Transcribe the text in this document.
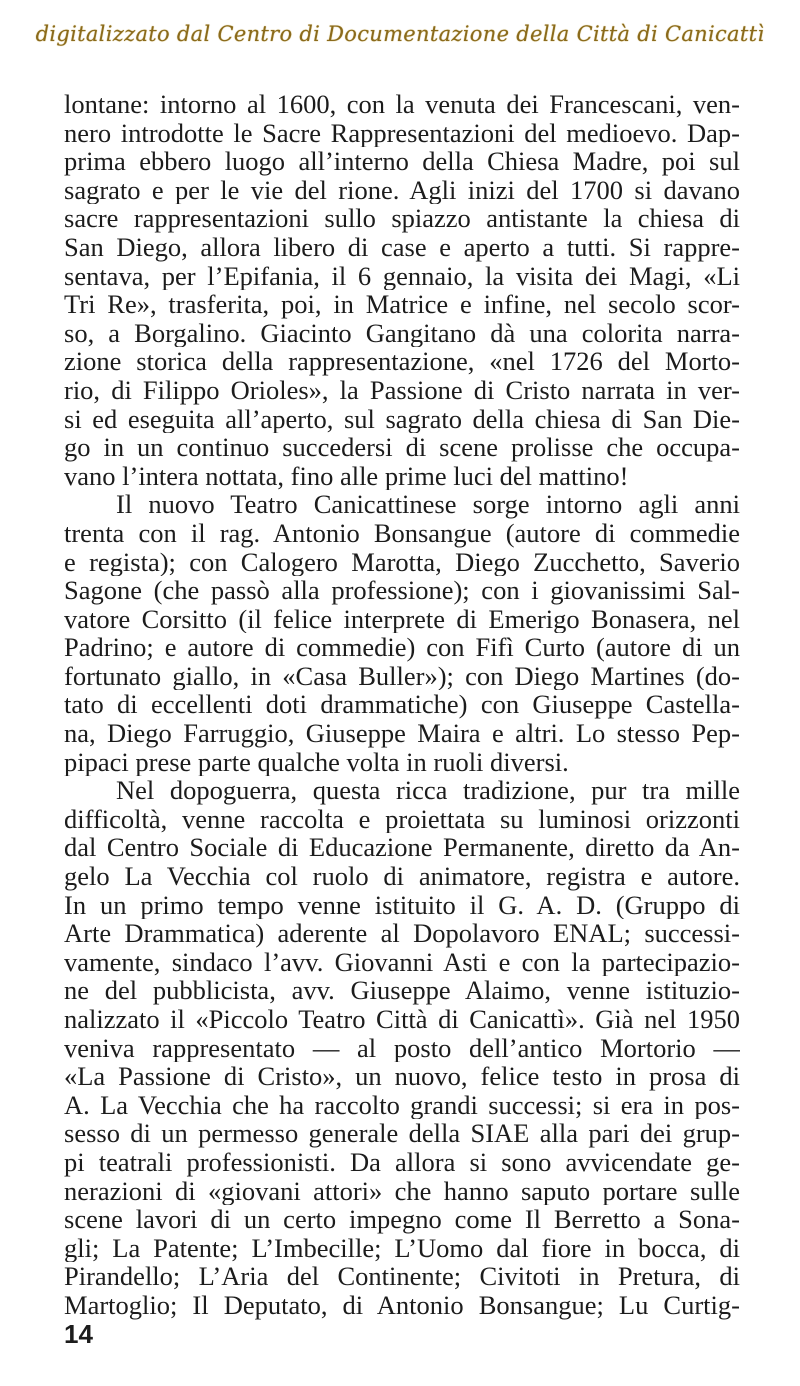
digitalizzato dal Centro di Documentazione della Città di Canicattì
lontane: intorno al 1600, con la venuta dei Francescani, ven-
nero introdotte le Sacre Rappresentazioni del medioevo. Dap-
prima ebbero luogo all’interno della Chiesa Madre, poi sul
sagrato e per le vie del rione. Agli inizi del 1700 si davano
sacre rappresentazioni sullo spiazzo antistante la chiesa di
San Diego, allora libero di case e aperto a tutti. Si rappre-
sentava, per l’Epifania, il 6 gennaio, la visita dei Magi, «Li
Tri Re», trasferita, poi, in Matrice e infine, nel secolo scor-
so, a Borgalino. Giacinto Gangitano dà una colorita narra-
zione storica della rappresentazione, «nel 1726 del Morto-
rio, di Filippo Orioles», la Passione di Cristo narrata in ver-
si ed eseguita all’aperto, sul sagrato della chiesa di San Die-
go in un continuo succedersi di scene prolisse che occupa-
vano l’intera nottata, fino alle prime luci del mattino!
Il nuovo Teatro Canicattinese sorge intorno agli anni
trenta con il rag. Antonio Bonsangue (autore di commedie
e regista); con Calogero Marotta, Diego Zucchetto, Saverio
Sagone (che passò alla professione); con i giovanissimi Sal-
vatore Corsitto (il felice interprete di Emerigo Bonasera, nel
Padrino; e autore di commedie) con Fifì Curto (autore di un
fortunato giallo, in «Casa Buller»); con Diego Martines (do-
tato di eccellenti doti drammatiche) con Giuseppe Castella-
na, Diego Farruggio, Giuseppe Maira e altri. Lo stesso Pep-
pipaci prese parte qualche volta in ruoli diversi.
Nel dopoguerra, questa ricca tradizione, pur tra mille
difficoltà, venne raccolta e proiettata su luminosi orizzonti
dal Centro Sociale di Educazione Permanente, diretto da An-
gelo La Vecchia col ruolo di animatore, registra e autore.
In un primo tempo venne istituito il G. A. D. (Gruppo di
Arte Drammatica) aderente al Dopolavoro ENAL; successi-
vamente, sindaco l’avv. Giovanni Asti e con la partecipazio-
ne del pubblicista, avv. Giuseppe Alaimo, venne istituzio-
nalizzato il «Piccolo Teatro Città di Canicattì». Già nel 1950
veniva rappresentato — al posto dell’antico Mortorio —
«La Passione di Cristo», un nuovo, felice testo in prosa di
A. La Vecchia che ha raccolto grandi successi; si era in pos-
sesso di un permesso generale della SIAE alla pari dei grup-
pi teatrali professionisti. Da allora si sono avvicendate ge-
nerazioni di «giovani attori» che hanno saputo portare sulle
scene lavori di un certo impegno come Il Berretto a Sona-
gli; La Patente; L’Imbecille; L’Uomo dal fiore in bocca, di
Pirandello; L’Aria del Continente; Civitoti in Pretura, di
Martoglio; Il Deputato, di Antonio Bonsangue; Lu Curtig-
14
